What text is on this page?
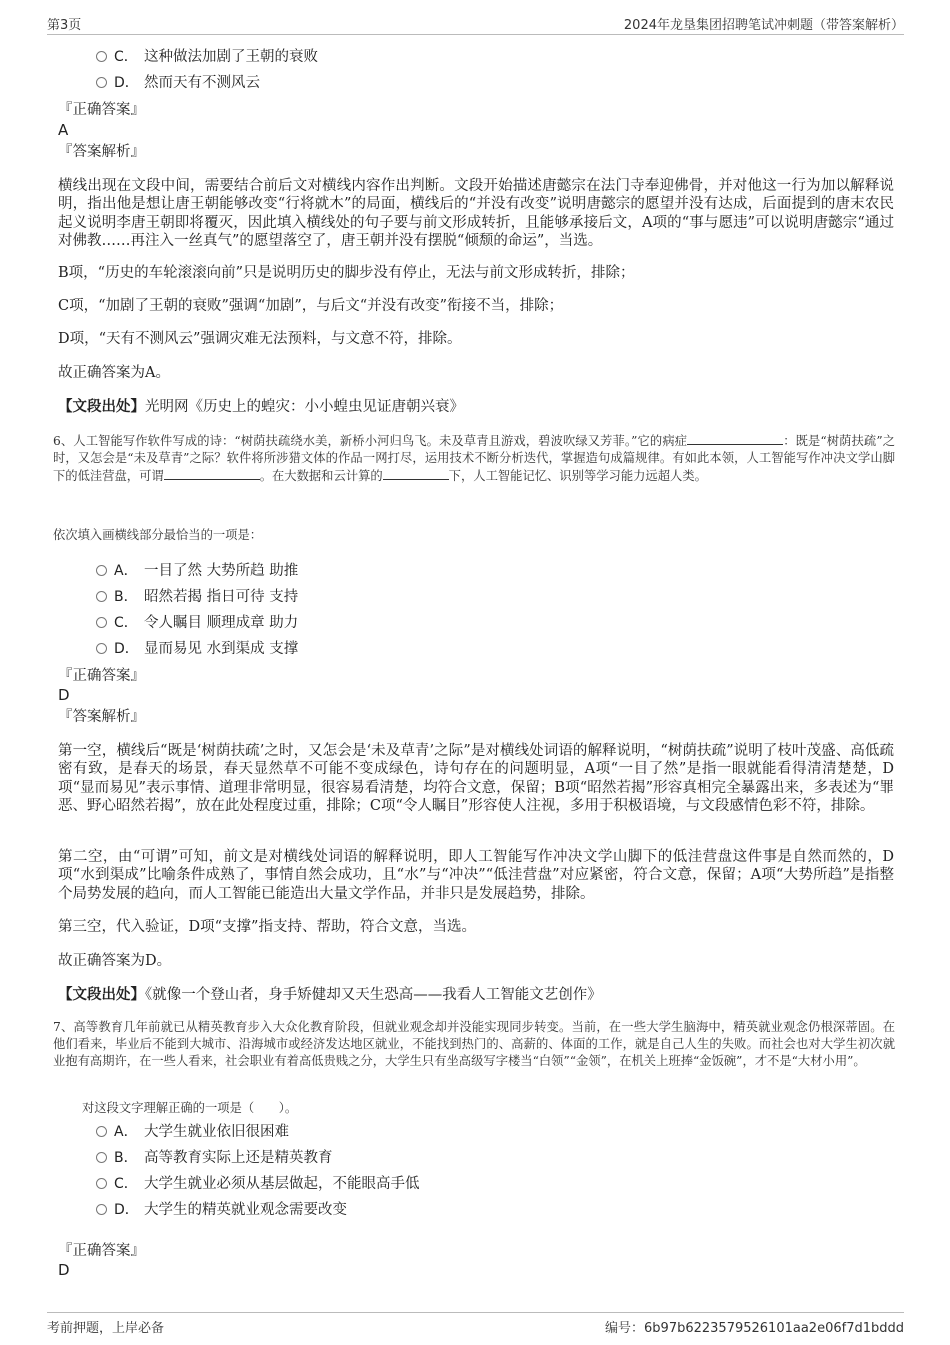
第3页	2024年龙垦集团招聘笔试冲刺题（带答案解析）
C． 这种做法加剧了王朝的衰败
D． 然而天有不测风云
『正确答案』
A
『答案解析』

横线出现在文段中间，需要结合前后文对横线内容作出判断。文段开始描述唐懿宗在法门寺奉迎佛骨，并对他这一行为加以解释说明，指出他是想让唐王朝能够改变“行将就木”的局面，横线后的“并没有改变”说明唐懿宗的愿望并没有达成，后面提到的唐末农民起义说明李唐王朝即将覆灭，因此填入横线处的句子要与前文形成转折，且能够承接后文，A项的“事与愿违”可以说明唐懿宗“通过对佛教……再注入一丝真气”的愿望落空了，唐王朝并没有摆脱“倾颓的命运”，当选。

B项，“历史的车轮滚滚向前”只是说明历史的脚步没有停止，无法与前文形成转折，排除；

C项，“加剧了王朝的衰败”强调“加剧”，与后文“并没有改变”衔接不当，排除；

D项，“天有不测风云”强调灾难无法预料，与文意不符，排除。

故正确答案为A。

【文段出处】光明网《历史上的蝗灾：小小蝗虫见证唐朝兴衰》

6、人工智能写作软件写成的诗：“树荫扶疏绕水美，新桥小河归鸟飞。未及草青且游戏，碧波吹绿又芳菲。”它的病症	：既是“树荫扶疏”之时，又怎会是“未及草青”之际？软件将所涉猎文体的作品一网打尽，运用技术不断分析迭代，掌握造句成篇规律。有如此本领，人工智能写作冲决文学山脚下的低洼营盘，可谓	。在大数据和云计算的	下，人工智能记忆、识别等学习能力远超人类。

依次填入画横线部分最恰当的一项是：
A． 一目了然 大势所趋 助推
B． 昭然若揭 指日可待 支持
C． 令人瞩目 顺理成章 助力
D． 显而易见 水到渠成 支撑
『正确答案』
D
『答案解析』

第一空，横线后“既是‘树荫扶疏’之时，又怎会是‘未及草青’之际”是对横线处词语的解释说明，“树荫扶疏”说明了枝叶茂盛、高低疏密有致，是春天的场景，春天显然草不可能不变成绿色，诗句存在的问题明显，A项“一目了然”是指一眼就能看得清清楚楚，D项“显而易见”表示事情、道理非常明显，很容易看清楚，均符合文意，保留；B项“昭然若揭”形容真相完全暴露出来，多表述为“罪恶、野心昭然若揭”，放在此处程度过重，排除；C项“令人瞩目”形容使人注视，多用于积极语境，与文段感情色彩不符，排除。

第二空，由“可谓”可知，前文是对横线处词语的解释说明，即人工智能写作冲决文学山脚下的低洼营盘这件事是自然而然的，D项“水到渠成”比喻条件成熟了，事情自然会成功，且“水”与“冲决”“低洼营盘”对应紧密，符合文意，保留；A项“大势所趋”是指整个局势发展的趋向，而人工智能已能造出大量文学作品，并非只是发展趋势，排除。

第三空，代入验证，D项“支撑”指支持、帮助，符合文意，当选。

故正确答案为D。

【文段出处】《就像一个登山者，身手矫健却又天生恐高——我看人工智能文艺创作》

7、高等教育几年前就已从精英教育步入大众化教育阶段，但就业观念却并没能实现同步转变。当前，在一些大学生脑海中，精英就业观念仍根深蒂固。在他们看来，毕业后不能到大城市、沿海城市或经济发达地区就业，不能找到热门的、高薪的、体面的工作，就是自己人生的失败。而社会也对大学生初次就业抱有高期许，在一些人看来，社会职业有着高低贵贱之分，大学生只有坐高级写字楼当“白领”“金领”，在机关上班捧“金饭碗”，才不是“大材小用”。

对这段文字理解正确的一项是（　　）。
A． 大学生就业依旧很困难
B． 高等教育实际上还是精英教育
C． 大学生就业必须从基层做起，不能眼高手低
D． 大学生的精英就业观念需要改变
『正确答案』
D
考前押题，上岸必备	编号：6b97b6223579526101aa2e06f7d1bddd
